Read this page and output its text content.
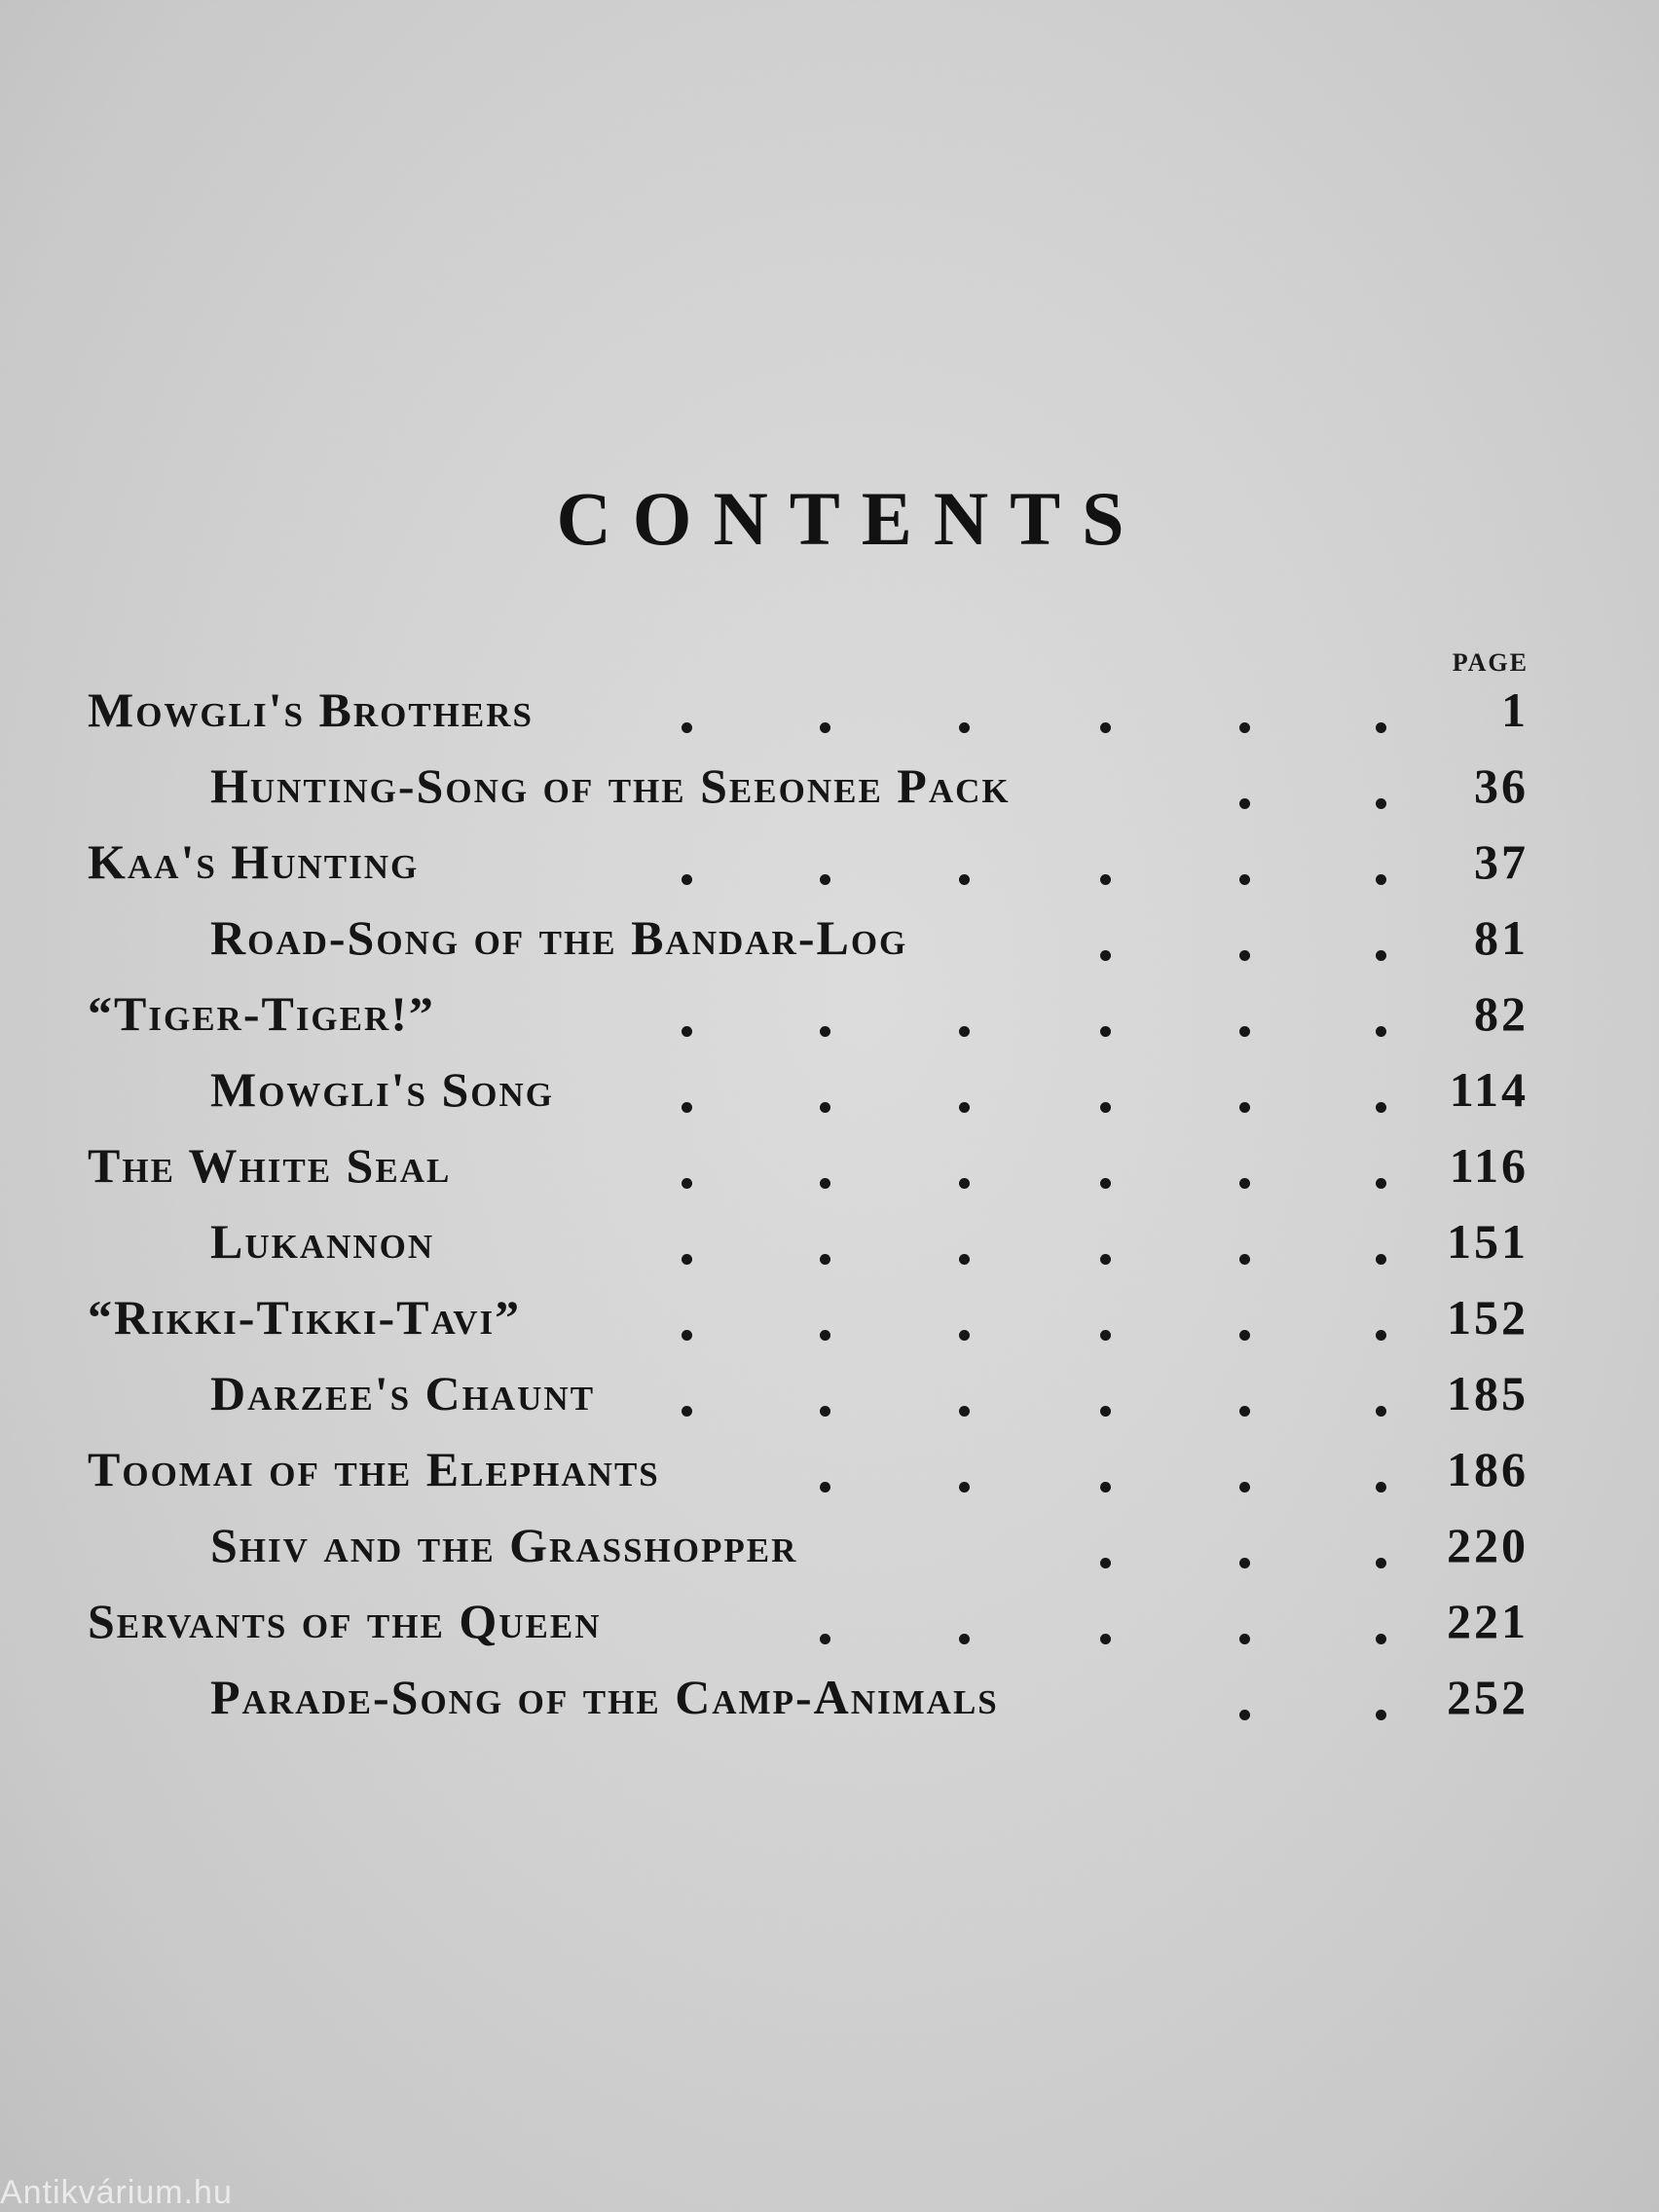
CONTENTS
PAGE
Mowgli's Brothers	1
Hunting-Song of the Seeonee Pack	36
Kaa's Hunting	37
Road-Song of the Bandar-Log	81
“Tiger-Tiger!”	82
Mowgli's Song	114
The White Seal	116
Lukannon	151
“Rikki-Tikki-Tavi”	152
Darzee's Chaunt	185
Toomai of the Elephants	186
Shiv and the Grasshopper	220
Servants of the Queen	221
Parade-Song of the Camp-Animals	252
Antikvárium.hu
